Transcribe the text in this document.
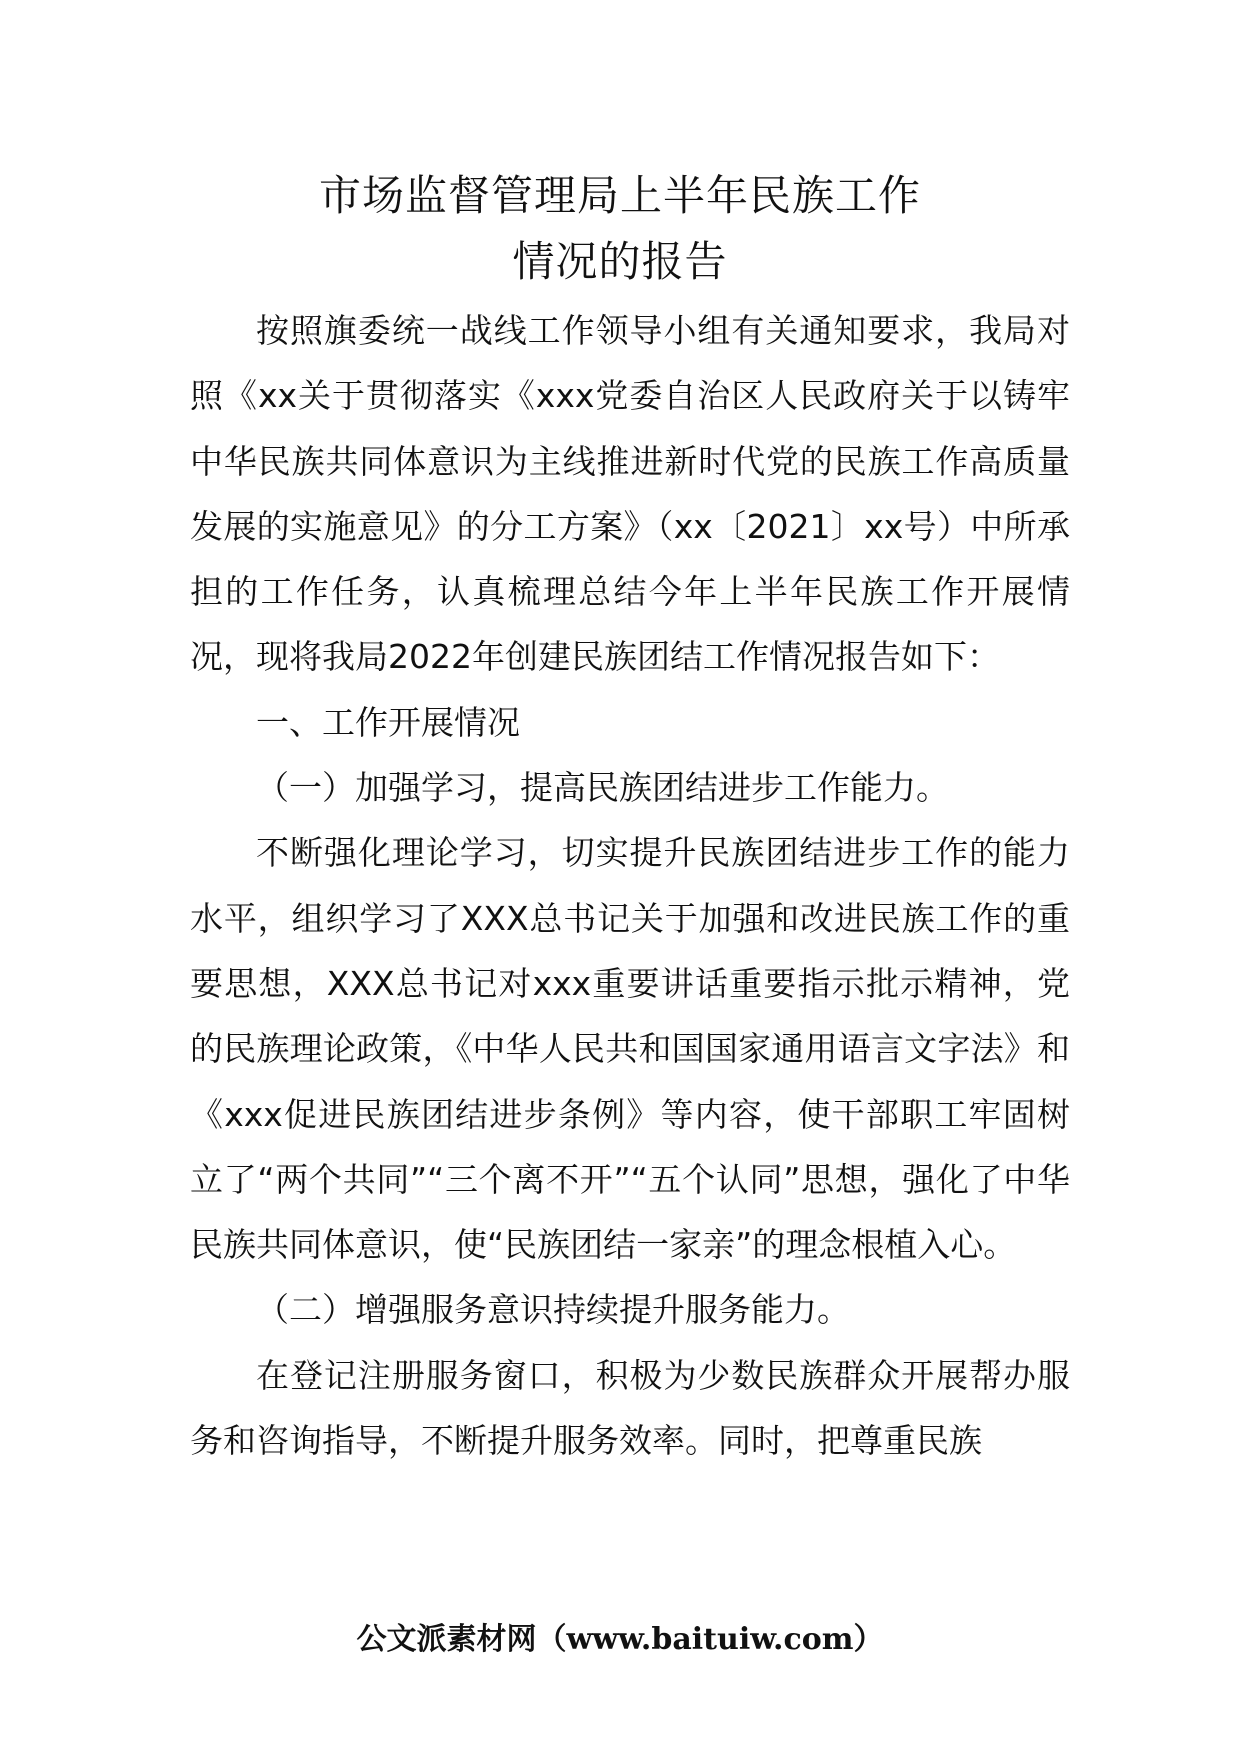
市场监督管理局上半年民族工作
情况的报告

按照旗委统一战线工作领导小组有关通知要求，我局对照《xx关于贯彻落实《xxx党委自治区人民政府关于以铸牢中华民族共同体意识为主线推进新时代党的民族工作高质量发展的实施意见》的分工方案》（xx〔2021〕xx号）中所承担的工作任务，认真梳理总结今年上半年民族工作开展情况，现将我局2022年创建民族团结工作情况报告如下：

一、工作开展情况

（一）加强学习，提高民族团结进步工作能力。

不断强化理论学习，切实提升民族团结进步工作的能力水平，组织学习了XXX总书记关于加强和改进民族工作的重要思想，XXX总书记对xxx重要讲话重要指示批示精神，党的民族理论政策，《中华人民共和国国家通用语言文字法》和《xxx促进民族团结进步条例》等内容，使干部职工牢固树立了“两个共同”“三个离不开”“五个认同”思想，强化了中华民族共同体意识，使“民族团结一家亲”的理念根植入心。

（二）增强服务意识持续提升服务能力。

在登记注册服务窗口，积极为少数民族群众开展帮办服务和咨询指导，不断提升服务效率。同时，把尊重民族

公文派素材网（www.baituiw.com）
